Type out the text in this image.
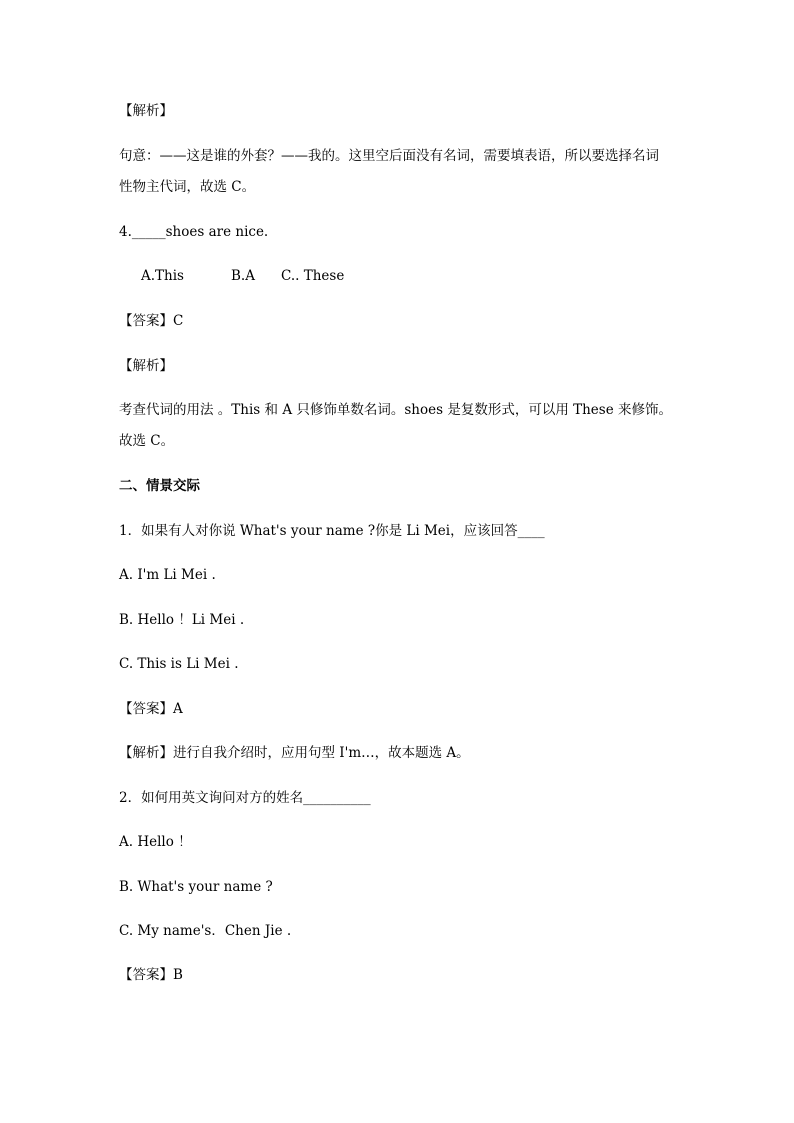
【解析】
句意：——这是谁的外套？——我的。这里空后面没有名词，需要填表语，所以要选择名词
性物主代词，故选 C。
4._____shoes are nice.
A.This	B.A C.. These
【答案】C
【解析】
考查代词的用法 。This 和 A 只修饰单数名词。shoes 是复数形式，可以用 These 来修饰。
故选 C。
二、情景交际
1．如果有人对你说 What's your name ?你是 Li Mei，应该回答____
A. I'm Li Mei .
B. Hello ！Li Mei .
C. This is Li Mei .
【答案】A
【解析】进行自我介绍时，应用句型 I'm…，故本题选 A。
2．如何用英文询问对方的姓名__________
A. Hello ！
B. What's your name ?
C. My name's．Chen Jie .
【答案】B
